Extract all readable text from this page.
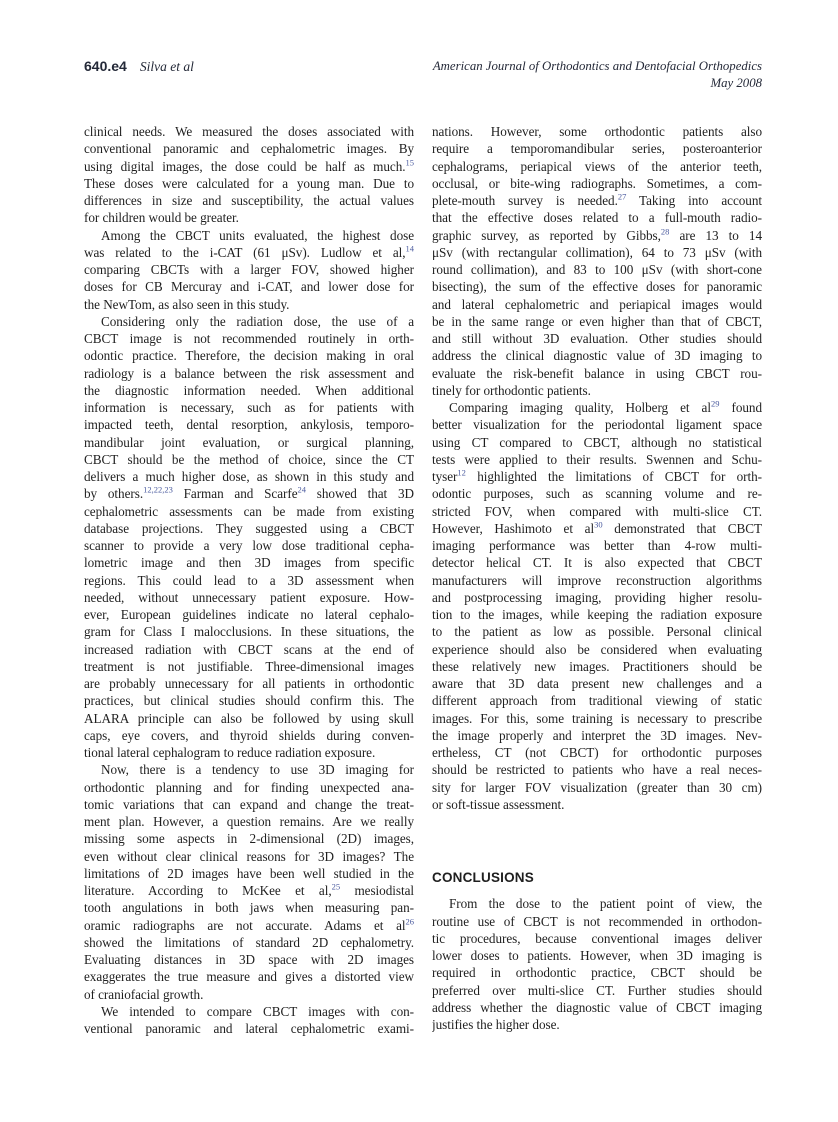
640.e4 Silva et al	American Journal of Orthodontics and Dentofacial Orthopedics
May 2008
clinical needs. We measured the doses associated with
conventional panoramic and cephalometric images. By
using digital images, the dose could be half as much.$^{15}$
These doses were calculated for a young man. Due to
differences in size and susceptibility, the actual values
for children would be greater.
Among the CBCT units evaluated, the highest dose
was related to the i-CAT (61 μSv). Ludlow et al,$^{14}$
comparing CBCTs with a larger FOV, showed higher
doses for CB Mercuray and i-CAT, and lower dose for
the NewTom, as also seen in this study.
Considering only the radiation dose, the use of a
CBCT image is not recommended routinely in orth-
odontic practice. Therefore, the decision making in oral
radiology is a balance between the risk assessment and
the diagnostic information needed. When additional
information is necessary, such as for patients with
impacted teeth, dental resorption, ankylosis, temporo-
mandibular joint evaluation, or surgical planning,
CBCT should be the method of choice, since the CT
delivers a much higher dose, as shown in this study and
by others.$^{12,22,23}$ Farman and Scarfe$^{24}$ showed that 3D
cephalometric assessments can be made from existing
database projections. They suggested using a CBCT
scanner to provide a very low dose traditional cepha-
lometric image and then 3D images from specific
regions. This could lead to a 3D assessment when
needed, without unnecessary patient exposure. How-
ever, European guidelines indicate no lateral cephalo-
gram for Class I malocclusions. In these situations, the
increased radiation with CBCT scans at the end of
treatment is not justifiable. Three-dimensional images
are probably unnecessary for all patients in orthodontic
practices, but clinical studies should confirm this. The
ALARA principle can also be followed by using skull
caps, eye covers, and thyroid shields during conven-
tional lateral cephalogram to reduce radiation exposure.
Now, there is a tendency to use 3D imaging for
orthodontic planning and for finding unexpected ana-
tomic variations that can expand and change the treat-
ment plan. However, a question remains. Are we really
missing some aspects in 2-dimensional (2D) images,
even without clear clinical reasons for 3D images? The
limitations of 2D images have been well studied in the
literature. According to McKee et al,$^{25}$ mesiodistal
tooth angulations in both jaws when measuring pan-
oramic radiographs are not accurate. Adams et al$^{26}$
showed the limitations of standard 2D cephalometry.
Evaluating distances in 3D space with 2D images
exaggerates the true measure and gives a distorted view
of craniofacial growth.
We intended to compare CBCT images with con-
ventional panoramic and lateral cephalometric exami-
nations. However, some orthodontic patients also
require a temporomandibular series, posteroanterior
cephalograms, periapical views of the anterior teeth,
occlusal, or bite-wing radiographs. Sometimes, a com-
plete-mouth survey is needed.$^{27}$ Taking into account
that the effective doses related to a full-mouth radio-
graphic survey, as reported by Gibbs,$^{28}$ are 13 to 14
μSv (with rectangular collimation), 64 to 73 μSv (with
round collimation), and 83 to 100 μSv (with short-cone
bisecting), the sum of the effective doses for panoramic
and lateral cephalometric and periapical images would
be in the same range or even higher than that of CBCT,
and still without 3D evaluation. Other studies should
address the clinical diagnostic value of 3D imaging to
evaluate the risk-benefit balance in using CBCT rou-
tinely for orthodontic patients.
Comparing imaging quality, Holberg et al$^{29}$ found
better visualization for the periodontal ligament space
using CT compared to CBCT, although no statistical
tests were applied to their results. Swennen and Schu-
tyser$^{12}$ highlighted the limitations of CBCT for orth-
odontic purposes, such as scanning volume and re-
stricted FOV, when compared with multi-slice CT.
However, Hashimoto et al$^{30}$ demonstrated that CBCT
imaging performance was better than 4-row multi-
detector helical CT. It is also expected that CBCT
manufacturers will improve reconstruction algorithms
and postprocessing imaging, providing higher resolu-
tion to the images, while keeping the radiation exposure
to the patient as low as possible. Personal clinical
experience should also be considered when evaluating
these relatively new images. Practitioners should be
aware that 3D data present new challenges and a
different approach from traditional viewing of static
images. For this, some training is necessary to prescribe
the image properly and interpret the 3D images. Nev-
ertheless, CT (not CBCT) for orthodontic purposes
should be restricted to patients who have a real neces-
sity for larger FOV visualization (greater than 30 cm)
or soft-tissue assessment.
CONCLUSIONS
From the dose to the patient point of view, the
routine use of CBCT is not recommended in orthodon-
tic procedures, because conventional images deliver
lower doses to patients. However, when 3D imaging is
required in orthodontic practice, CBCT should be
preferred over multi-slice CT. Further studies should
address whether the diagnostic value of CBCT imaging
justifies the higher dose.
